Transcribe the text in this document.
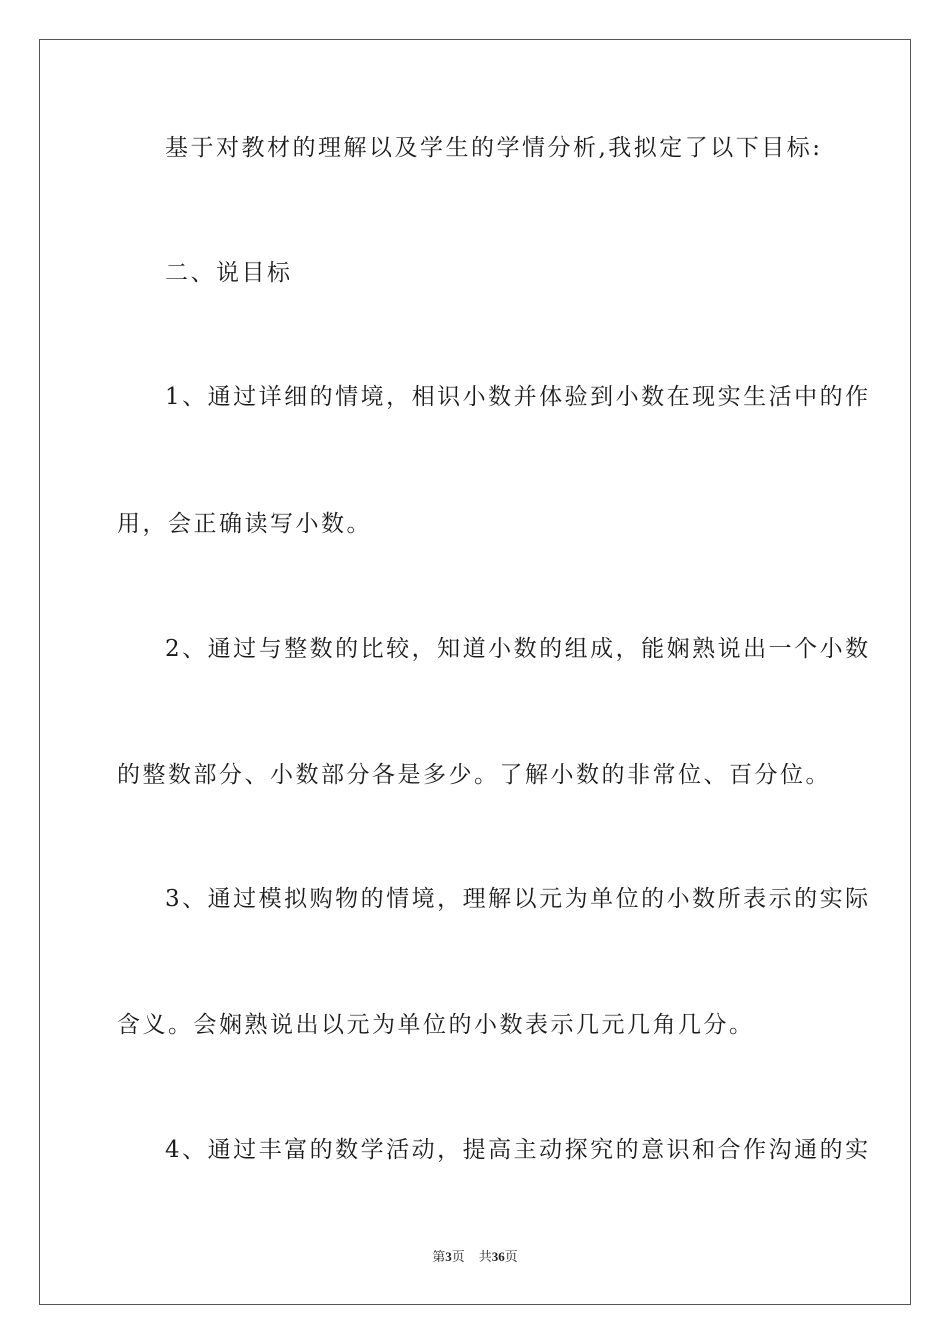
基于对教材的理解以及学生的学情分析,我拟定了以下目标:
二、说目标
1、通过详细的情境，相识小数并体验到小数在现实生活中的作
用，会正确读写小数。
2、通过与整数的比较，知道小数的组成，能娴熟说出一个小数
的整数部分、小数部分各是多少。了解小数的非常位、百分位。
3、通过模拟购物的情境，理解以元为单位的小数所表示的实际
含义。会娴熟说出以元为单位的小数表示几元几角几分。
4、通过丰富的数学活动，提高主动探究的意识和合作沟通的实
第3页 共36页
